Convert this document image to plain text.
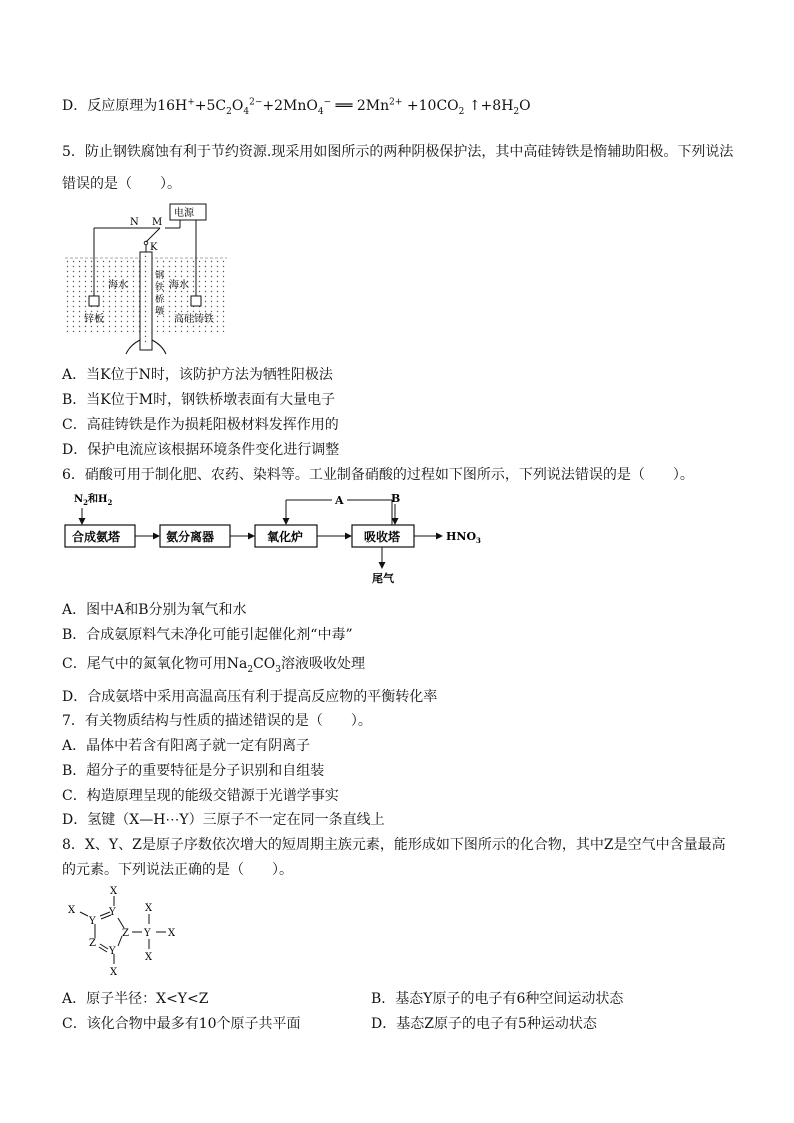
D．反应原理为$16H^++5C_2O_4^{2-}+2MnO_4^-$ ══ $2Mn^{2+} +10CO_2$ $↑+8H_2O$
5．防止钢铁腐蚀有利于节约资源.现采用如图所示的两种阴极保护法，其中高硅铸铁是惰辅助阳极。下列说法
错误的是（　　）。
电源
N M
K
海水	海水
锌板	高硅铸铁
钢
铁
桥
墩
A．当K位于N时，该防护方法为牺牲阳极法
B．当K位于M时，钢铁桥墩表面有大量电子
C．高硅铸铁是作为损耗阳极材料发挥作用的
D．保护电流应该根据环境条件变化进行调整
6．硝酸可用于制化肥、农药、染料等。工业制备硝酸的过程如下图所示，下列说法错误的是（　　）。
$N_2$和$H_2$
合成氨塔	氨分离器	氧化炉	吸收塔
A	B
$HNO_3$
尾气
A．图中A和B分别为氧气和水
B．合成氨原料气未净化可能引起催化剂“中毒”
C．尾气中的氮氧化物可用$Na_2CO_3$溶液吸收处理
D．合成氨塔中采用高温高压有利于提高反应物的平衡转化率
7．有关物质结构与性质的描述错误的是（　　）。
A．晶体中若含有阳离子就一定有阴离子
B．超分子的重要特征是分子识别和自组装
C．构造原理呈现的能级交错源于光谱学事实
D．氢键（X—H⋯Y）三原子不一定在同一条直线上
8．X、Y、Z是原子序数依次增大的短周期主族元素，能形成如下图所示的化合物，其中Z是空气中含量最高
的元素。下列说法正确的是（　　）。
X
Y
X
Y
Z
Z
Y
X
Y
X
X
X
A．原子半径：X<Y<Z	B．基态Y原子的电子有6种空间运动状态
C．该化合物中最多有10个原子共平面	D．基态Z原子的电子有5种运动状态
